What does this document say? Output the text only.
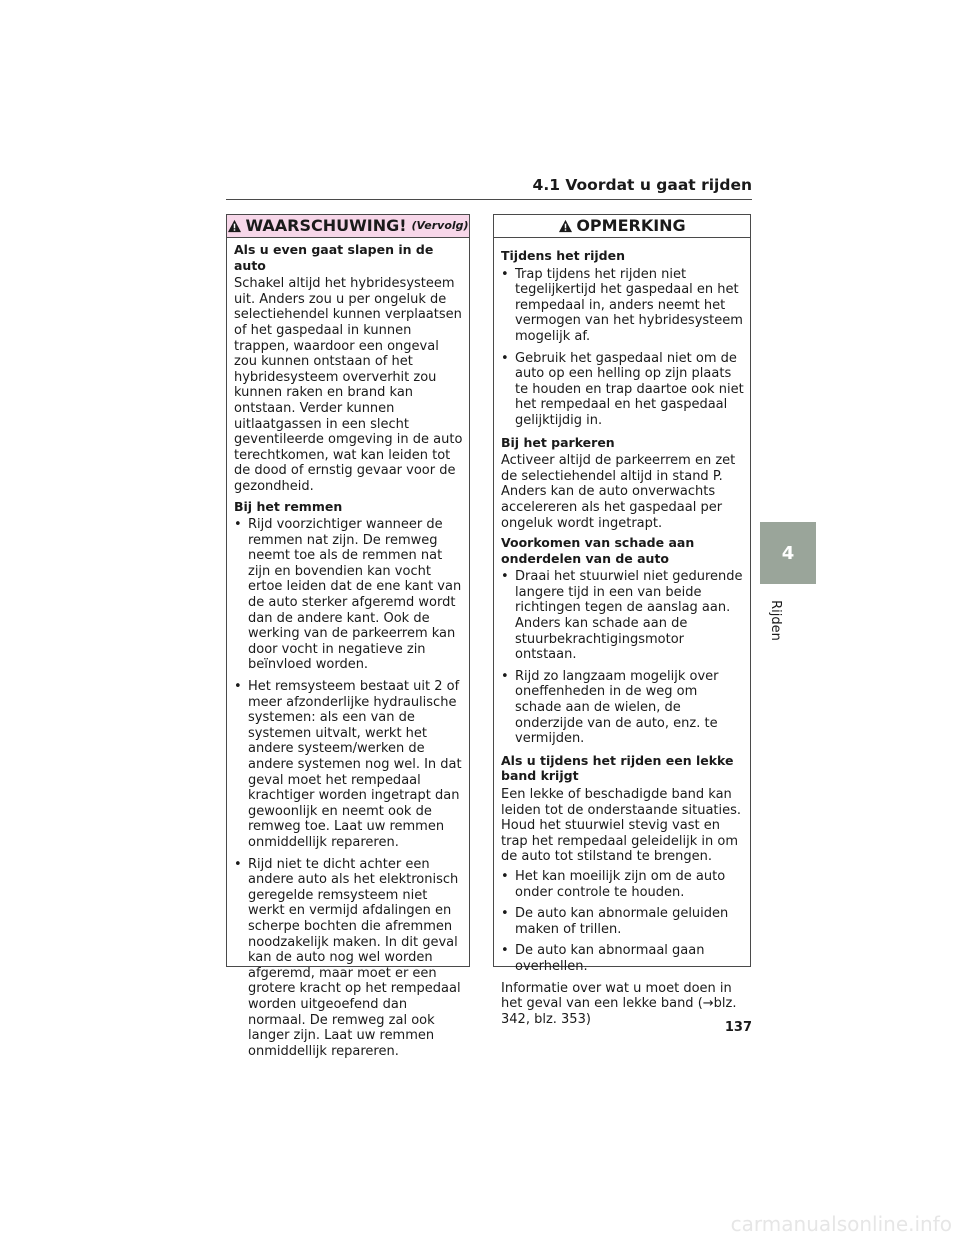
4.1 Voordat u gaat rijden
WAARSCHUWING! (Vervolg)
Als u even gaat slapen in de auto

Schakel altijd het hybridesysteem uit. Anders zou u per ongeluk de selectiehendel kunnen verplaatsen of het gaspedaal in kunnen trappen, waardoor een ongeval zou kunnen ontstaan of het hybridesysteem oververhit zou kunnen raken en brand kan ontstaan. Verder kunnen uitlaatgassen in een slecht geventileerde omgeving in de auto terechtkomen, wat kan leiden tot de dood of ernstig gevaar voor de gezondheid.

Bij het remmen
• Rijd voorzichtiger wanneer de remmen nat zijn. De remweg neemt toe als de remmen nat zijn en bovendien kan vocht ertoe leiden dat de ene kant van de auto sterker afgeremd wordt dan de andere kant. Ook de werking van de parkeerrem kan door vocht in negatieve zin beïnvloed worden.
• Het remsysteem bestaat uit 2 of meer afzonderlijke hydraulische systemen: als een van de systemen uitvalt, werkt het andere systeem/werken de andere systemen nog wel. In dat geval moet het rempedaal krachtiger worden ingetrapt dan gewoonlijk en neemt ook de remweg toe. Laat uw remmen onmiddellijk repareren.
• Rijd niet te dicht achter een andere auto als het elektronisch geregelde remsysteem niet werkt en vermijd afdalingen en scherpe bochten die afremmen noodzakelijk maken. In dit geval kan de auto nog wel worden afgeremd, maar moet er een grotere kracht op het rempedaal worden uitgeoefend dan normaal. De remweg zal ook langer zijn. Laat uw remmen onmiddellijk repareren.
OPMERKING
Tijdens het rijden
• Trap tijdens het rijden niet tegelijkertijd het gaspedaal en het rempedaal in, anders neemt het vermogen van het hybridesysteem mogelijk af.
• Gebruik het gaspedaal niet om de auto op een helling op zijn plaats te houden en trap daartoe ook niet het rempedaal en het gaspedaal gelijktijdig in.
Bij het parkeren

Activeer altijd de parkeerrem en zet de selectiehendel altijd in stand P. Anders kan de auto onverwachts accelereren als het gaspedaal per ongeluk wordt ingetrapt.

Voorkomen van schade aan onderdelen van de auto
• Draai het stuurwiel niet gedurende langere tijd in een van beide richtingen tegen de aanslag aan. Anders kan schade aan de stuurbekrachtigingsmotor ontstaan.
• Rijd zo langzaam mogelijk over oneffenheden in de weg om schade aan de wielen, de onderzijde van de auto, enz. te vermijden.
Als u tijdens het rijden een lekke band krijgt

Een lekke of beschadigde band kan leiden tot de onderstaande situaties. Houd het stuurwiel stevig vast en trap het rempedaal geleidelijk in om de auto tot stilstand te brengen.

• Het kan moeilijk zijn om de auto onder controle te houden.
• De auto kan abnormale geluiden maken of trillen.
• De auto kan abnormaal gaan overhellen.

Informatie over wat u moet doen in het geval van een lekke band (→blz. 342, blz. 353)

4
Rijden
137
carmanualsonline.info
